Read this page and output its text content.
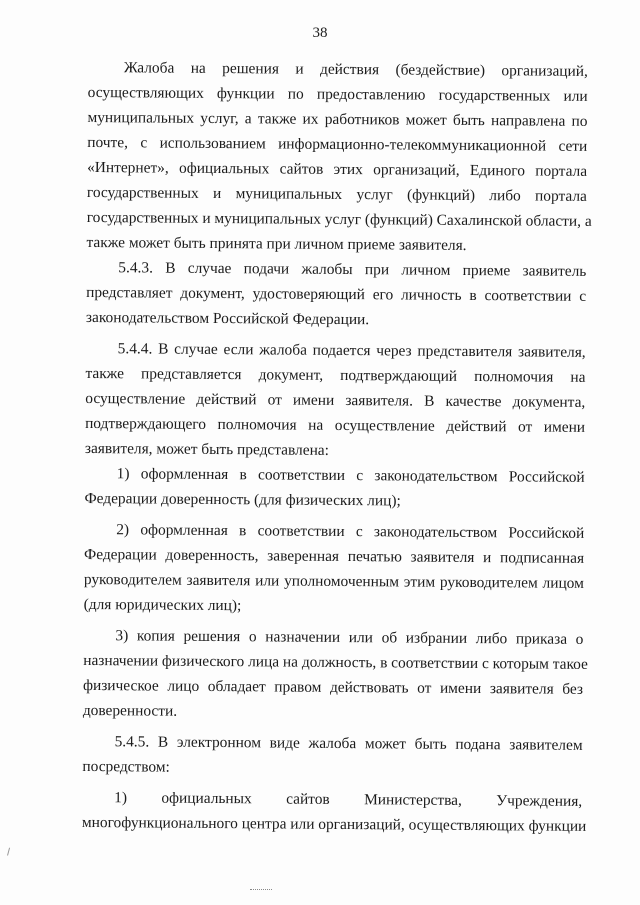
38

Жалоба на решения и действия (бездействие) организаций,
осуществляющих функции по предоставлению государственных или
муниципальных услуг, а также их работников может быть направлена по
почте, с использованием информационно-телекоммуникационной сети
«Интернет», официальных сайтов этих организаций, Единого портала
государственных и муниципальных услуг (функций) либо портала
государственных и муниципальных услуг (функций) Сахалинской области, а
также может быть принята при личном приеме заявителя.

5.4.3. В случае подачи жалобы при личном приеме заявитель
представляет документ, удостоверяющий его личность в соответствии с
законодательством Российской Федерации.

5.4.4. В случае если жалоба подается через представителя заявителя,
также представляется документ, подтверждающий полномочия на
осуществление действий от имени заявителя. В качестве документа,
подтверждающего полномочия на осуществление действий от имени
заявителя, может быть представлена:

1) оформленная в соответствии с законодательством Российской
Федерации доверенность (для физических лиц);

2) оформленная в соответствии с законодательством Российской
Федерации доверенность, заверенная печатью заявителя и подписанная
руководителем заявителя или уполномоченным этим руководителем лицом
(для юридических лиц);

3) копия решения о назначении или об избрании либо приказа о
назначении физического лица на должность, в соответствии с которым такое
физическое лицо обладает правом действовать от имени заявителя без
доверенности.

5.4.5. В электронном виде жалоба может быть подана заявителем
посредством:

1) официальных сайтов Министерства, Учреждения,
многофункционального центра или организаций, осуществляющих функции
